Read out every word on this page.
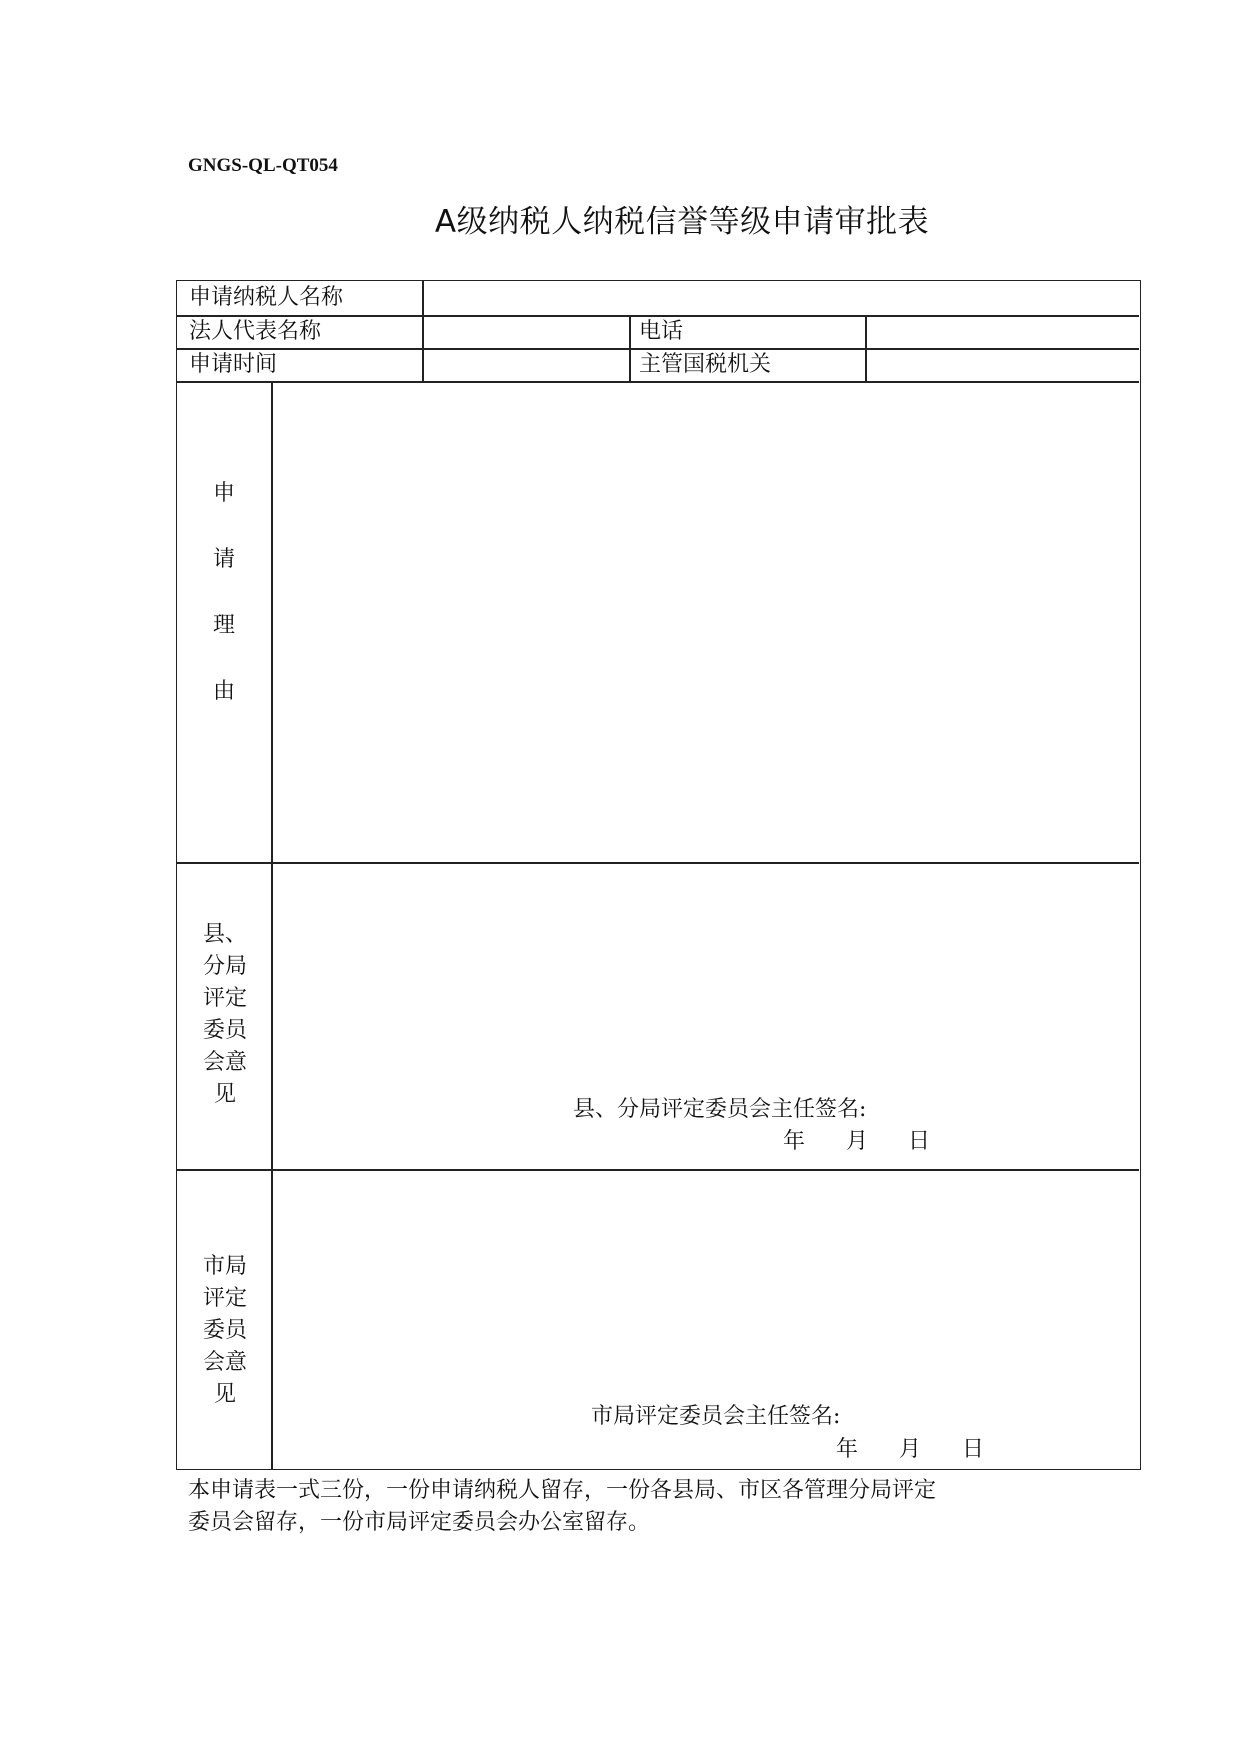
GNGS-QL-QT054
A级纳税人纳税信誉等级申请审批表
申请纳税人名称
法人代表名称	电话
申请时间	主管国税机关
申
请
理
由
县、
分局
评定
委员
会意
见
县、分局评定委员会主任签名:
年 月 日
市局
评定
委员
会意
见
市局评定委员会主任签名:
年 月 日
本申请表一式三份，一份申请纳税人留存，一份各县局、市区各管理分局评定
委员会留存，一份市局评定委员会办公室留存。
